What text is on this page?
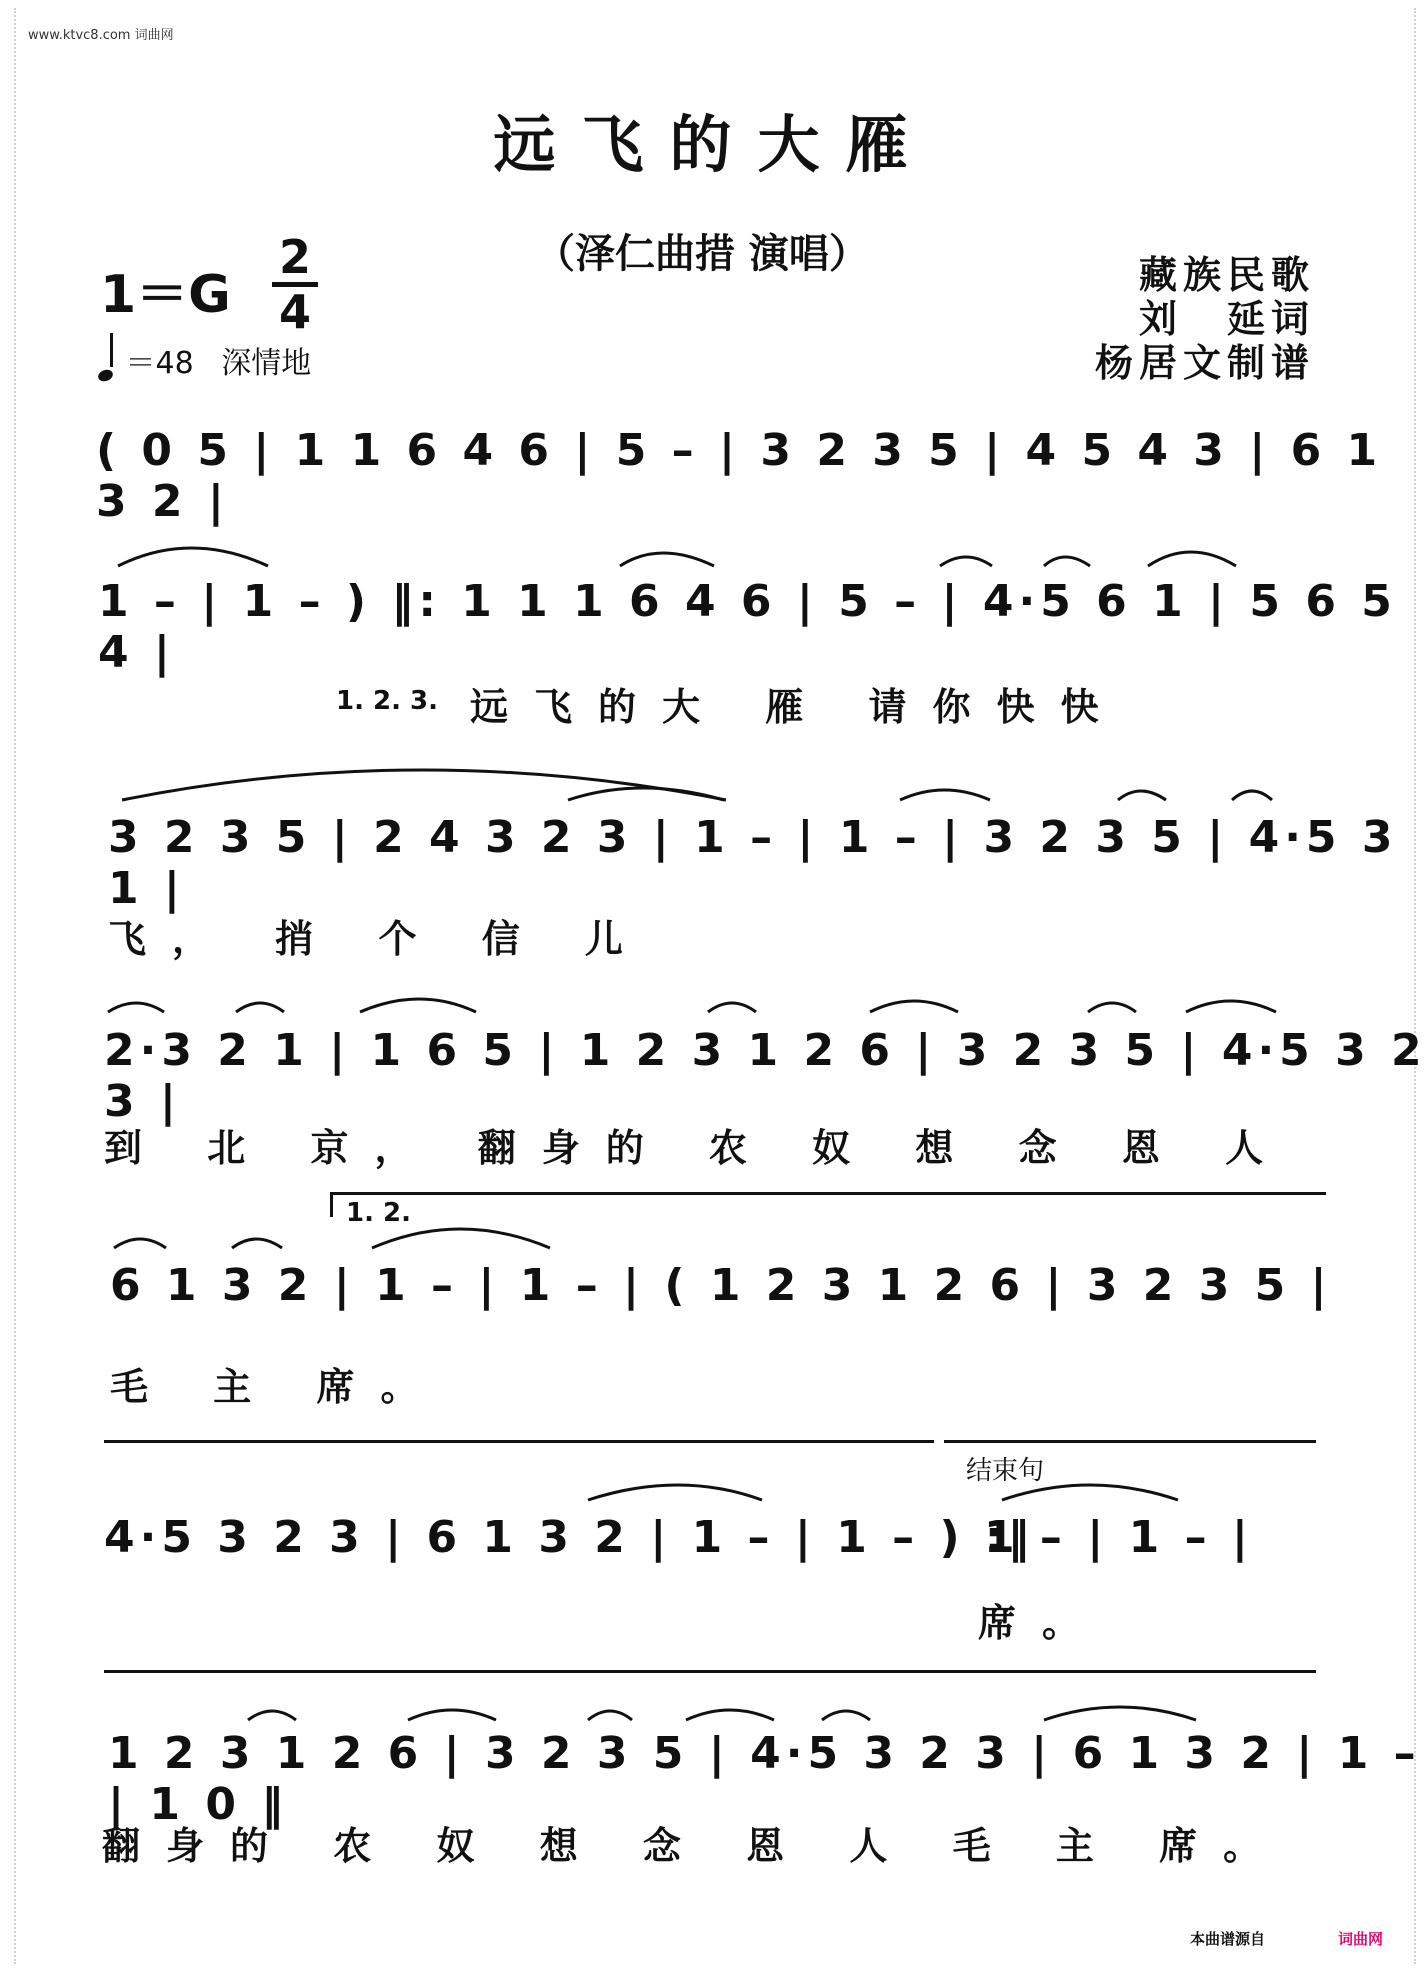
www.ktvc8.com 词曲网
远飞的大雁
（泽仁曲措 演唱）	藏族民歌
刘　延词
杨居文制谱
1＝G
2
4
＝48 深情地
( 0 5 | 1 1 6 4 6 | 5 – | 3 2 3 5 | 4 5 4 3 | 6 1 3 2 |
1 – | 1 – ) ‖: 1 1 1 6 4 6 | 5 – | 4·5 6 1 | 5 6 5 4 |
1. 2. 3. 远飞的大 雁 请你快快
3 2 3 5 | 2 4 3 2 3 | 1 – | 1 – | 3 2 3 5 | 4·5 3 1 |
飞， 捎 个 信 儿
2·3 2 1 | 1 6 5 | 1 2 3 1 2 6 | 3 2 3 5 | 4·5 3 2 3 |
到 北 京， 翻身的 农 奴 想 念 恩 人
1. 2.
6 1 3 2 | 1 – | 1 – | ( 1 2 3 1 2 6 | 3 2 3 5 |
毛 主 席。
结束句
4·5 3 2 3 | 6 1 3 2 | 1 – | 1 – ) :‖
1 – | 1 – |
席。
1 2 3 1 2 6 | 3 2 3 5 | 4·5 3 2 3 | 6 1 3 2 | 1 – | 1 0 ‖
翻身的 农 奴 想 念 恩 人 毛 主 席。
本曲谱源自	词曲网
